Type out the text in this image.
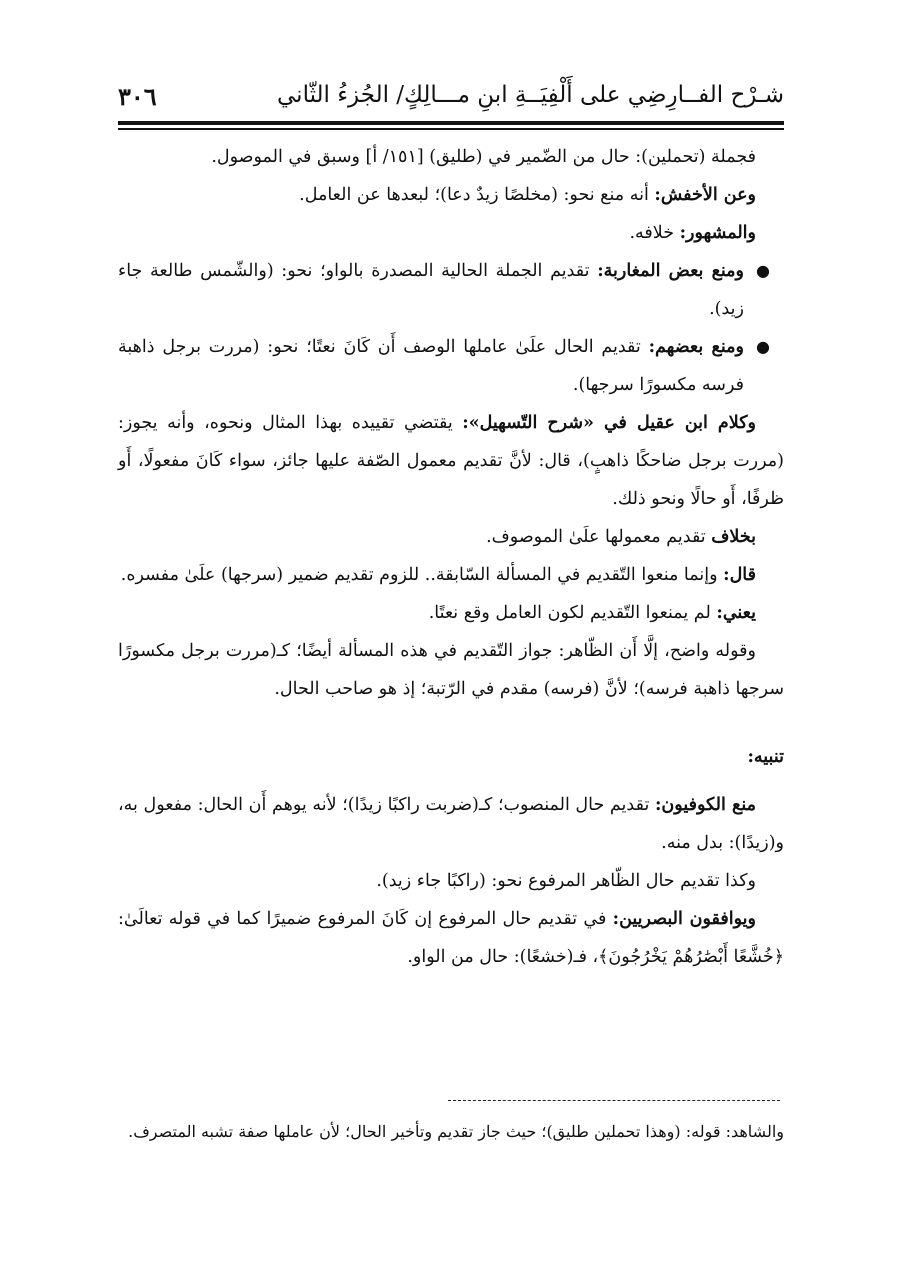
شـرْح الفــارِضِي على أَلْفِيَــةِ ابنِ مـــالِكٍ/ الجُزءُ الثّاني
٣٠٦

فجملة (تحملين): حال من الضّمير في (طليق) [١٥١/ أ] وسبق في الموصول.

وعن الأخفش: أنه منع نحو: (مخلصًا زيدٌ دعا)؛ لبعدها عن العامل.

والمشهور: خلافه.

●
ومنع بعض المغاربة: تقديم الجملة الحالية المصدرة بالواو؛ نحو: (والشّمس طالعة جاء زيد).
●
ومنع بعضهم: تقديم الحال علَىٰ عاملها الوصف أَن كَانَ نعتًا؛ نحو: (مررت برجل ذاهبة فرسه مكسورًا سرجها).

وكلام ابن عقيل في «شرح التّسهيل»: يقتضي تقييده بهذا المثال ونحوه، وأنه يجوز: (مررت برجل ضاحكًا ذاهبٍ)، قال: لأنَّ تقديم معمول الصّفة عليها جائز، سواء كَانَ مفعولًا، أَو ظرفًا، أَو حالًا ونحو ذلك.

بخلاف تقديم معمولها علَىٰ الموصوف.

قال: وإنما منعوا التّقديم في المسألة السّابقة.. للزوم تقديم ضمير (سرجها) علَىٰ مفسره.

يعني: لم يمنعوا التّقديم لكون العامل وقع نعتًا.

وقوله واضح، إلَّا أَن الظّاهر: جواز التّقديم في هذه المسألة أيضًا؛ كـ(مررت برجل مكسورًا سرجها ذاهبة فرسه)؛ لأنَّ (فرسه) مقدم في الرّتبة؛ إذ هو صاحب الحال.

تنبيه:

منع الكوفيون: تقديم حال المنصوب؛ كـ(ضربت راكبًا زيدًا)؛ لأنه يوهم أَن الحال: مفعول به، و(زيدًا): بدل منه.

وكذا تقديم حال الظّاهر المرفوع نحو: (راكبًا جاء زيد).

ويوافقون البصريين: في تقديم حال المرفوع إن كَانَ المرفوع ضميرًا كما في قوله تعالَىٰ: ﴿خُشَّعًا أَبْصَٰرُهُمْ يَخْرُجُونَ﴾، فـ(خشعًا): حال من الواو.

والشاهد: قوله: (وهذا تحملين طليق)؛ حيث جاز تقديم وتأخير الحال؛ لأن عاملها صفة تشبه المتصرف.
